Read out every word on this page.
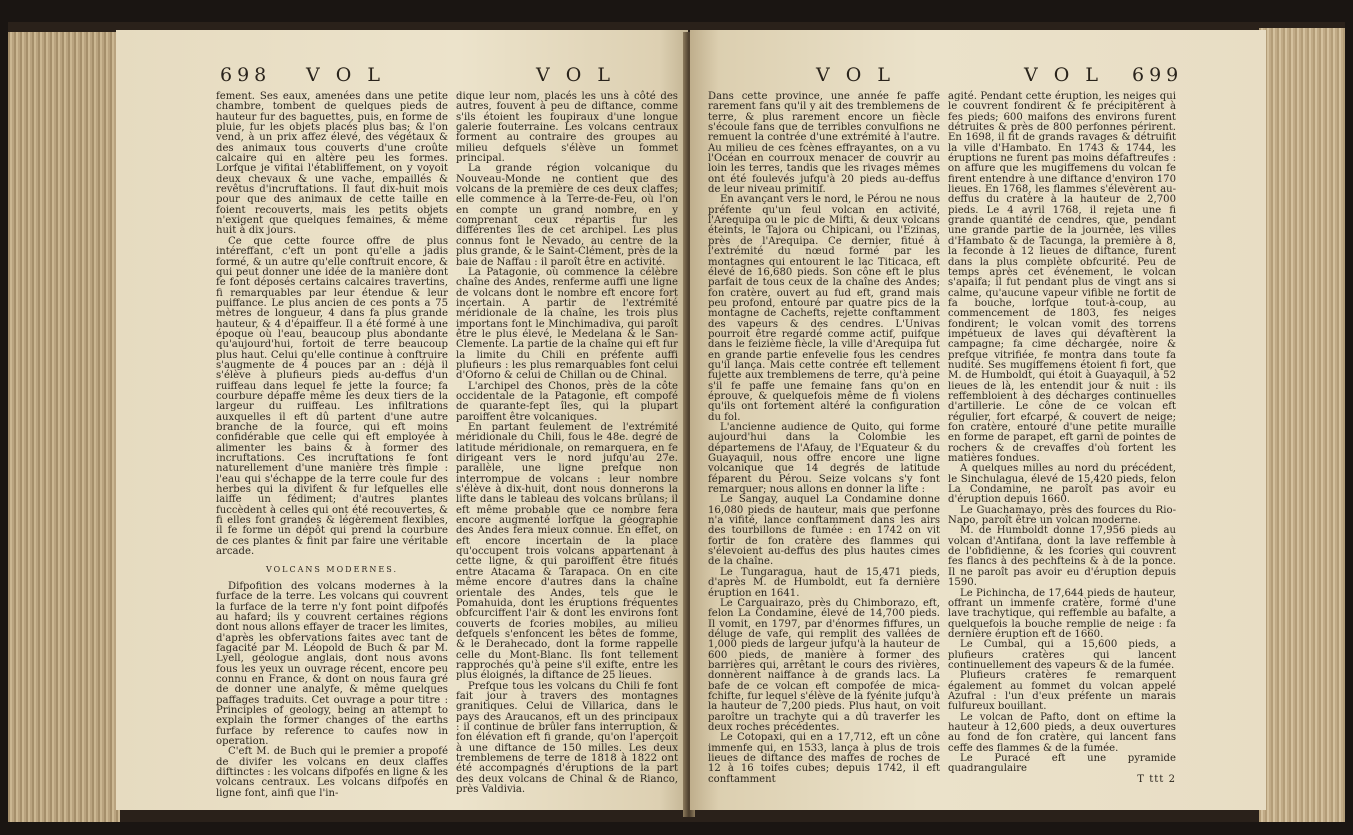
698 V O L	V O L

fement. Ses eaux, amenées dans une petite chambre, tombent de quelques pieds de hauteur fur des baguettes, puis, en forme de pluie, fur les objets placés plus bas; & l'on vend, à un prix affez élevé, des végétaux & des animaux tous couverts d'une croûte calcaire qui en altère peu les formes. Lorfque je vifitai l'établiffement, on y voyoit deux chevaux & une vache, empaillés & revêtus d'incruftations. Il faut dix-huit mois pour que des animaux de cette taille en foient recouverts, mais les petits objets n'exigent que quelques femaines, & même huit à dix jours.

Ce que cette fource offre de plus intéreffant, c'eft un pont qu'elle a jadis formé, & un autre qu'elle conftruit encore, & qui peut donner une idée de la manière dont fe font déposés certains calcaires travertins, fi remarquables par leur étendue & leur puiffance. Le plus ancien de ces ponts a 75 mètres de longueur, 4 dans fa plus grande hauteur, & 4 d'épaiffeur. Il a été formé à une époque où l'eau, beaucoup plus abondante qu'aujourd'hui, fortoit de terre beaucoup plus haut. Celui qu'elle continue à conftruire s'augmente de 4 pouces par an : déjà il s'élève à plufieurs pieds au-deffus d'un ruiffeau dans lequel fe jette la fource; fa courbure dépaffe même les deux tiers de la largeur du ruiffeau. Les infiltrations auxquelles il eft dû partent d'une autre branche de la fource, qui eft moins confidérable que celle qui eft employée à alimenter les bains & à former des incruftations. Ces incruftations fe font naturellement d'une manière très fimple : l'eau qui s'échappe de la terre coule fur des herbes qui la divifent & fur lefquelles elle laiffe un fédiment; d'autres plantes fuccèdent à celles qui ont été recouvertes, & fi elles font grandes & légèrement flexibles, il fe forme un dépôt qui prend la courbure de ces plantes & finit par faire une véritable arcade.

VOLCANS MODERNES.

Difpofition des volcans modernes à la furface de la terre. Les volcans qui couvrent la furface de la terre n'y font point difpofés au hafard; ils y couvrent certaines régions dont nous allons effayer de tracer les limites, d'après les obfervations faites avec tant de fagacité par M. Léopold de Buch & par M. Lyell, géologue anglais, dont nous avons fous les yeux un ouvrage récent, encore peu connu en France, & dont on nous faura gré de donner une analyfe, & même quelques paffages traduits. Cet ouvrage a pour titre : Principles of geology, being an attempt to explain the former changes of the earths furface by reference to caufes now in operation.

C'eft M. de Buch qui le premier a propofé de divifer les volcans en deux claffes diftinctes : les volcans difpofés en ligne & les volcans centraux. Les volcans difpofés en ligne font, ainfi que l'in-

dique leur nom, placés les uns à côté des autres, fouvent à peu de diftance, comme s'ils étoient les foupiraux d'une longue galerie fouterraine. Les volcans centraux forment au contraire des groupes au milieu defquels s'élève un fommet principal.

La grande région volcanique du Nouveau-Monde ne contient que des volcans de la première de ces deux claffes; elle commence à la Terre-de-Feu, où l'on en compte un grand nombre, en y comprenant ceux répartis fur les différentes îles de cet archipel. Les plus connus font le Nevado, au centre de la plus grande, & le Saint-Clément, près de la baie de Naffau : il paroît être en activité.

La Patagonie, où commence la célèbre chaîne des Andes, renferme auffi une ligne de volcans dont le nombre eft encore fort incertain. A partir de l'extrémité méridionale de la chaîne, les trois plus importans font le Minchimadiva, qui paroît être le plus élevé, le Medelana & le San-Clemente. La partie de la chaîne qui eft fur la limite du Chili en préfente auffi plufieurs : les plus remarquables font celui d'Oforno & celui de Chillan ou de Chinal.

L'archipel des Chonos, près de la côte occidentale de la Patagonie, eft compofé de quarante-fept îles, qui la plupart paroiffent être volcaniques.

En partant feulement de l'extrémité méridionale du Chili, fous le 48e. degré de latitude méridionale, on remarquera, en fe dirigeant vers le nord jufqu'au 27e. parallèle, une ligne prefque non interrompue de volcans : leur nombre s'élève à dix-huit, dont nous donnerons la lifte dans le tableau des volcans brûlans; il eft même probable que ce nombre fera encore augmenté lorfque la géographie des Andes fera mieux connue. En effet, on eft encore incertain de la place qu'occupent trois volcans appartenant à cette ligne, & qui paroiffent être fitués entre Atacama & Tarapaca. On en cite même encore d'autres dans la chaîne orientale des Andes, tels que le Pomahuida, dont les éruptions fréquentes obfcurciffent l'air & dont les environs font couverts de fcories mobiles, au milieu defquels s'enfoncent les bêtes de fomme, & le Derahecado, dont la forme rappelle celle du Mont-Blanc. Ils font tellement rapprochés qu'à peine s'il exifte, entre les plus éloignés, la diftance de 25 lieues.

Prefque tous les volcans du Chili fe font fait jour à travers des montagnes granitiques. Celui de Villarica, dans le pays des Araucanos, eft un des principaux : il continue de brûler fans interruption, & fon élévation eft fi grande, qu'on l'aperçoit à une diftance de 150 milles. Les deux tremblemens de terre de 1818 à 1822 ont été accompagnés d'éruptions de la part des deux volcans de Chinal & de Rianco, près Valdivia.

V O L	V O L 699

Dans cette province, une année fe paffe rarement fans qu'il y ait des tremblemens de terre, & plus rarement encore un fiècle s'écoule fans que de terribles convulfions ne remuent la contrée d'une extrémité à l'autre. Au milieu de ces fcènes effrayantes, on a vu l'Océan en courroux menacer de couvrir au loin les terres, tandis que les rivages mêmes ont été foulevés jufqu'à 20 pieds au-deffus de leur niveau primitif.

En avançant vers le nord, le Pérou ne nous préfente qu'un feul volcan en activité, l'Arequipa ou le pic de Mifti, & deux volcans éteints, le Tajora ou Chipicani, ou l'Ezinas, près de l'Arequipa. Ce dernier, fitué à l'extrémité du nœud formé par les montagnes qui entourent le lac Titicaca, eft élevé de 16,680 pieds. Son cône eft le plus parfait de tous ceux de la chaîne des Andes; fon cratère, ouvert au fud eft, grand mais peu profond, entouré par quatre pics de la montagne de Cachefts, rejette conftamment des vapeurs & des cendres. L'Univas pourroit être regardé comme actif, puifque dans le feizième fiècle, la ville d'Arequipa fut en grande partie enfevelie fous les cendres qu'il lança. Mais cette contrée eft tellement fujette aux tremblemens de terre, qu'à peine s'il fe paffe une femaine fans qu'on en éprouve, & quelquefois même de fi violens qu'ils ont fortement altéré la configuration du fol.

L'ancienne audience de Quito, qui forme aujourd'hui dans la Colombie les départemens de l'Afauy, de l'Equateur & du Guayaquil, nous offre encore une ligne volcanique que 14 degrés de latitude féparent du Pérou. Seize volcans s'y font remarquer; nous allons en donner la lifte :

Le Sangay, auquel La Condamine donne 16,080 pieds de hauteur, mais que perfonne n'a vifité, lance conftamment dans les airs des tourbillons de fumée : en 1742 on vit fortir de fon cratère des flammes qui s'élevoient au-deffus des plus hautes cimes de la chaîne.

Le Tungaragua, haut de 15,471 pieds, d'après M. de Humboldt, eut fa dernière éruption en 1641.

Le Carguairazo, près du Chimborazo, eft, felon La Condamine, élevé de 14,700 pieds. Il vomit, en 1797, par d'énormes fiffures, un déluge de vafe, qui remplit des vallées de 1,000 pieds de largeur jufqu'à la hauteur de 600 pieds, de manière à former des barrières qui, arrêtant le cours des rivières, donnèrent naiffance à de grands lacs. La bafe de ce volcan eft compofée de mica-fchifte, fur lequel s'élève de la fyénite jufqu'à la hauteur de 7,200 pieds. Plus haut, on voit paroître un trachyte qui a dû traverfer les deux roches précédentes.

Le Cotopaxi, qui en a 17,712, eft un cône immenfe qui, en 1533, lança à plus de trois lieues de diftance des maffes de roches de 12 à 16 toifes cubes; depuis 1742, il eft conftamment

agité. Pendant cette éruption, les neiges qui le couvrent fondirent & fe précipitèrent à fes pieds; 600 maifons des environs furent détruites & près de 800 perfonnes périrent. En 1698, il fit de grands ravages & détruifit la ville d'Hambato. En 1743 & 1744, les éruptions ne furent pas moins défaftreufes : on affure que les mugiffemens du volcan fe firent entendre à une diftance d'environ 170 lieues. En 1768, les flammes s'élevèrent au-deffus du cratère à la hauteur de 2,700 pieds. Le 4 avril 1768, il rejeta une fi grande quantité de cendres, que, pendant une grande partie de la journée, les villes d'Hambato & de Tacunga, la première à 8, la feconde à 12 lieues de diftance, furent dans la plus complète obfcurité. Peu de temps après cet événement, le volcan s'apaifa; il fut pendant plus de vingt ans si calme, qu'aucune vapeur vifible ne fortit de fa bouche, lorfque tout-à-coup, au commencement de 1803, fes neiges fondirent; le volcan vomit des torrens impétueux de laves qui dévaftèrent la campagne; fa cime déchargée, noire & prefque vitrifiée, fe montra dans toute fa nudité. Ses mugiffemens étoient fi fort, que M. de Humboldt, qui étoit à Guayaquil, à 52 lieues de là, les entendit jour & nuit : ils reffembloient à des décharges continuelles d'artillerie. Le cône de ce volcan eft régulier, fort efcarpé, & couvert de neige; fon cratère, entouré d'une petite muraille en forme de parapet, eft garni de pointes de rochers & de crevaffes d'où fortent les matières fondues.

A quelques milles au nord du précédent, le Sinchulagua, élevé de 15,420 pieds, felon La Condamine, ne paroît pas avoir eu d'éruption depuis 1660.

Le Guachamayo, près des fources du Rio-Napo, paroît être un volcan moderne.

M. de Humboldt donne 17,956 pieds au volcan d'Antifana, dont la lave reffemble à de l'obfidienne, & les fcories qui couvrent fes flancs à des pechfteins & à de la ponce. Il ne paroît pas avoir eu d'éruption depuis 1590.

Le Pichincha, de 17,644 pieds de hauteur, offrant un immenfe cratère, formé d'une lave trachytique, qui reffemble au bafalte, a quelquefois la bouche remplie de neige : fa dernière éruption eft de 1660.

Le Cumbal, qui a 15,600 pieds, a plufieurs cratères qui lancent continuellement des vapeurs & de la fumée.

Plufieurs cratères fe remarquent également au fommet du volcan appelé Azufral : l'un d'eux préfente un marais fulfureux bouillant.

Le volcan de Pafto, dont on eftime la hauteur à 12,600 pieds, a deux ouvertures au fond de fon cratère, qui lancent fans ceffe des flammes & de la fumée.

Le Puracé eft une pyramide quadrangulaire

T ttt 2
